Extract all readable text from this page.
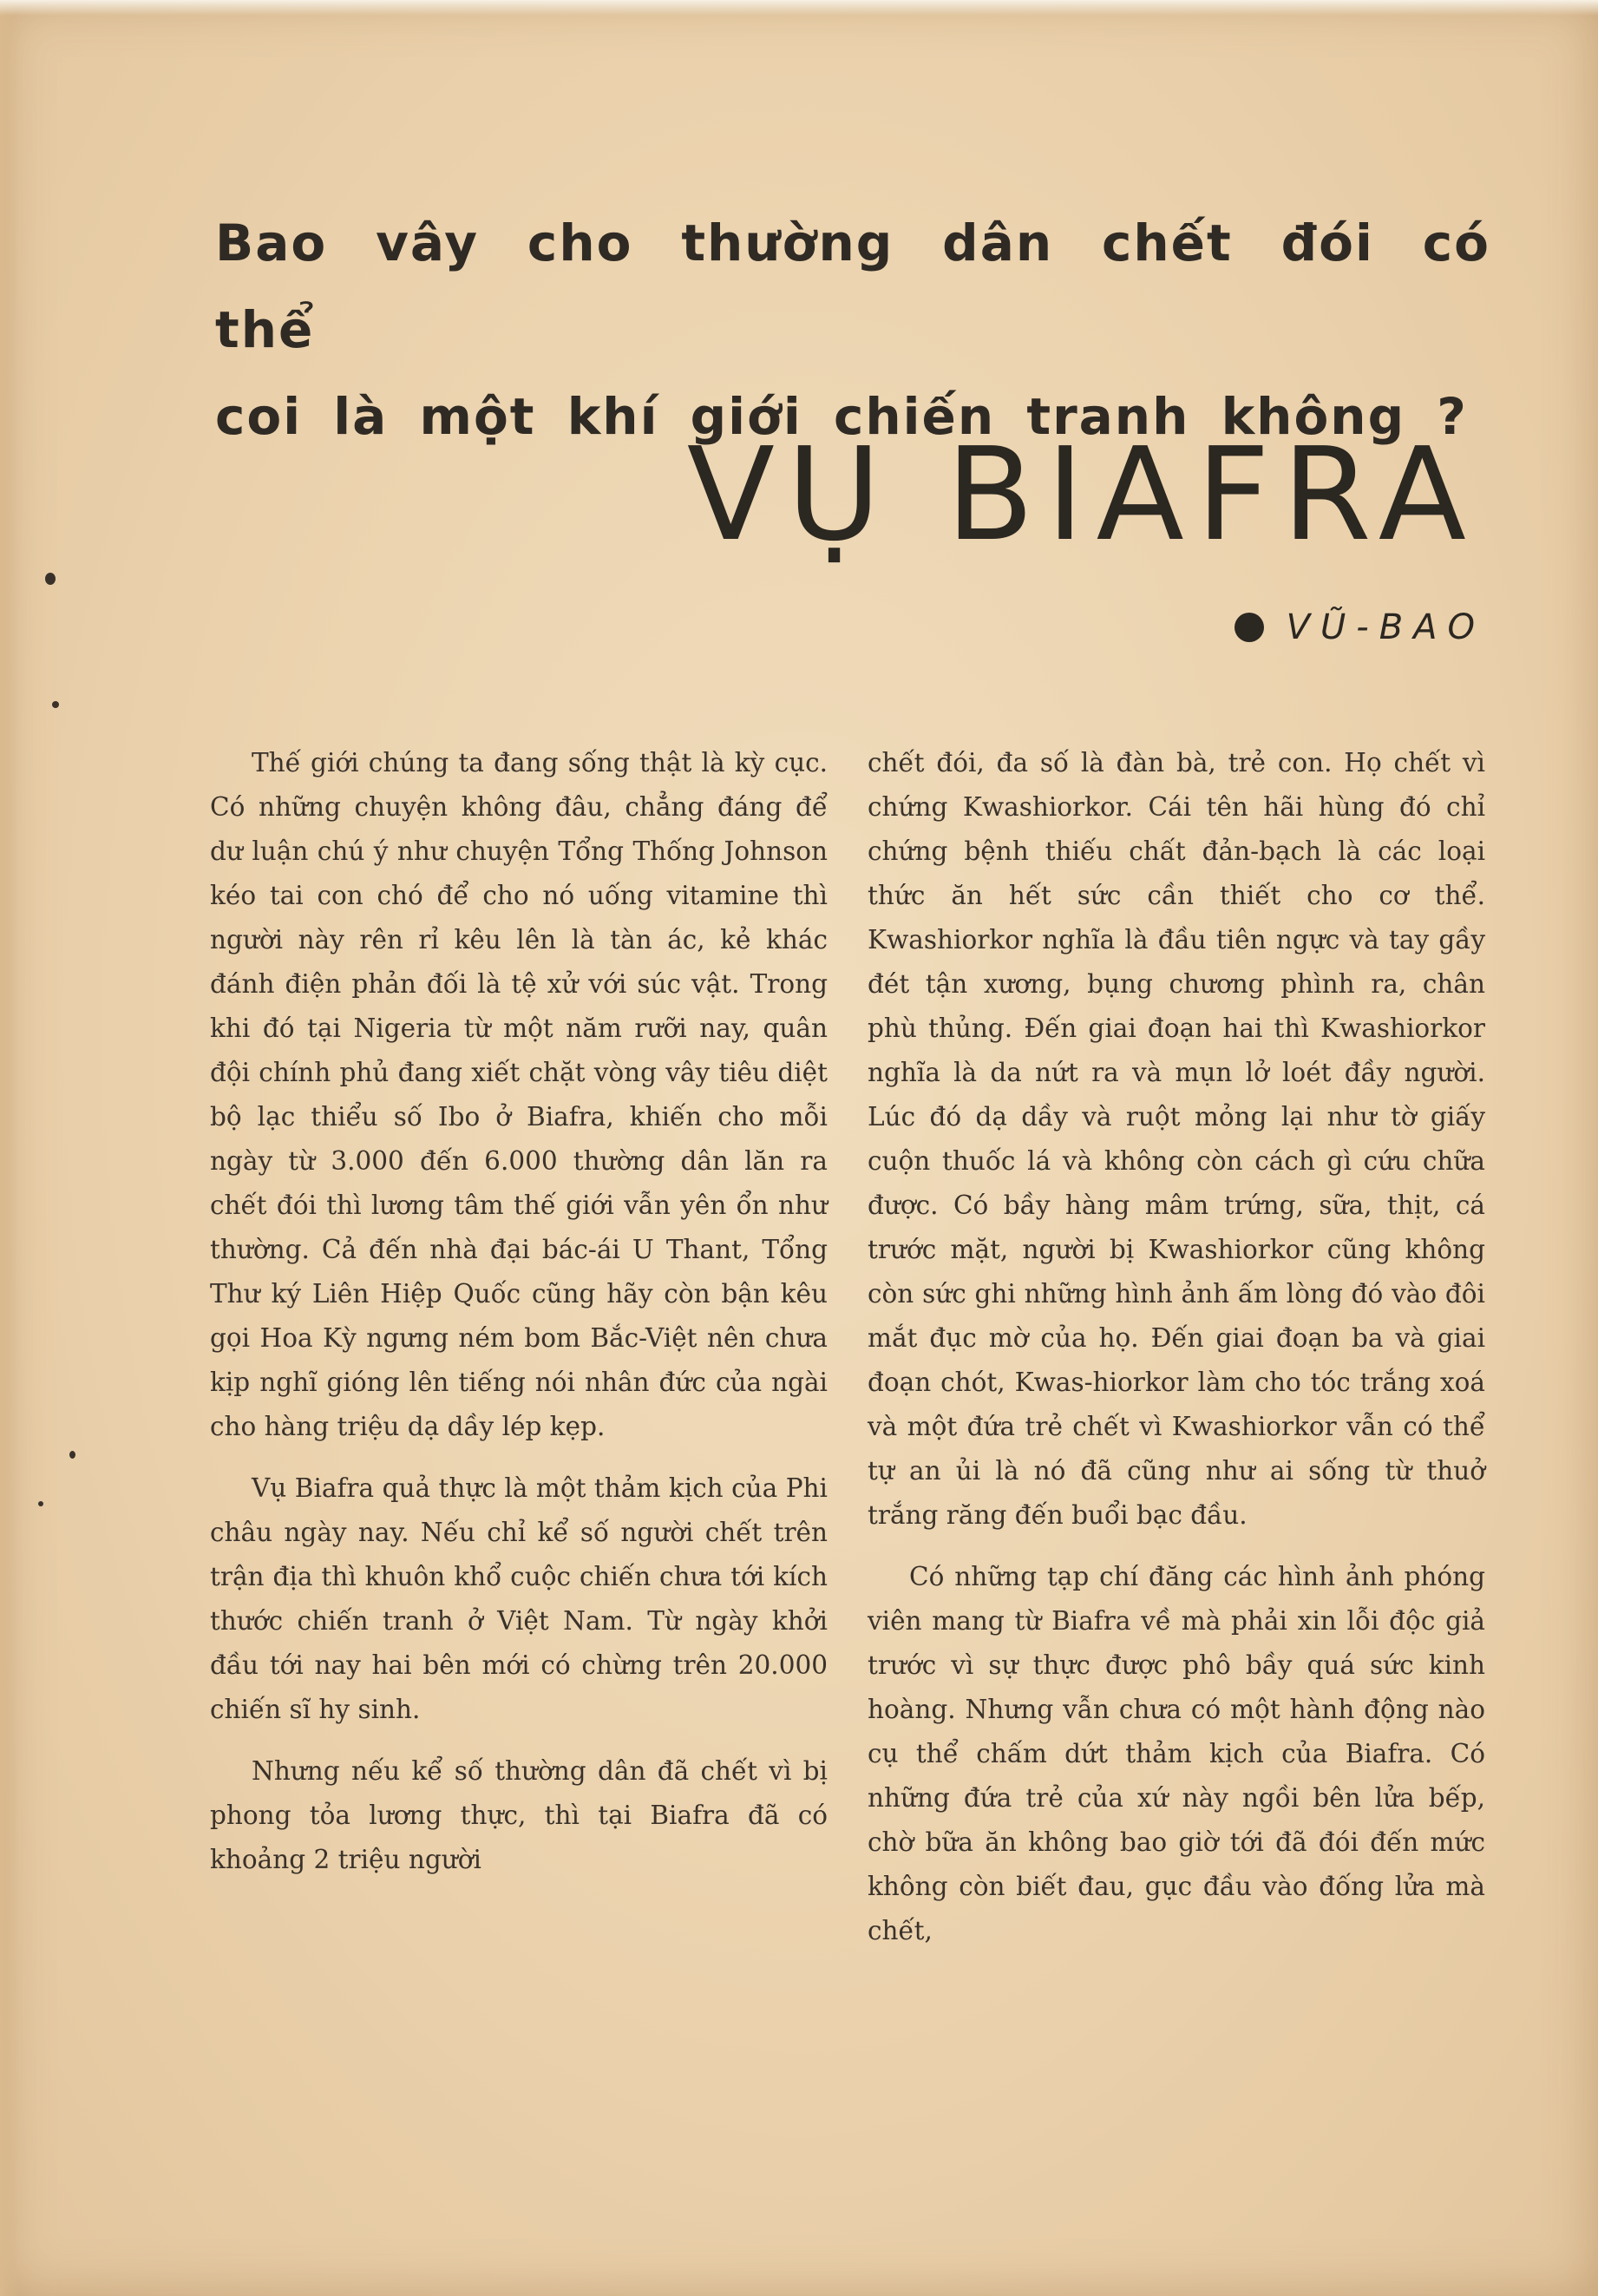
Bao vây cho thường dân chết đói có thể
coi là một khí giới chiến tranh không ?
VỤ BIAFRA
VŨ-BAO

Thế giới chúng ta đang sống thật là kỳ cục. Có những chuyện không đâu, chẳng đáng để dư luận chú ý như chuyện Tổng Thống Johnson kéo tai con chó để cho nó uống vitamine thì người này rên rỉ kêu lên là tàn ác, kẻ khác đánh điện phản đối là tệ xử với súc vật. Trong khi đó tại Nigeria từ một năm rưỡi nay, quân đội chính phủ đang xiết chặt vòng vây tiêu diệt bộ lạc thiểu số Ibo ở Biafra, khiến cho mỗi ngày từ 3.000 đến 6.000 thường dân lăn ra chết đói thì lương tâm thế giới vẫn yên ổn như thường. Cả đến nhà đại bác-ái U Thant, Tổng Thư ký Liên Hiệp Quốc cũng hãy còn bận kêu gọi Hoa Kỳ ngưng ném bom Bắc-Việt nên chưa kịp nghĩ gióng lên tiếng nói nhân đức của ngài cho hàng triệu dạ dầy lép kẹp.

Vụ Biafra quả thực là một thảm kịch của Phi châu ngày nay. Nếu chỉ kể số người chết trên trận địa thì khuôn khổ cuộc chiến chưa tới kích thước chiến tranh ở Việt Nam. Từ ngày khởi đầu tới nay hai bên mới có chừng trên 20.000 chiến sĩ hy sinh.

Nhưng nếu kể số thường dân đã chết vì bị phong tỏa lương thực, thì tại Biafra đã có khoảng 2 triệu người

chết đói, đa số là đàn bà, trẻ con. Họ chết vì chứng Kwashiorkor. Cái tên hãi hùng đó chỉ chứng bệnh thiếu chất đản-bạch là các loại thức ăn hết sức cần thiết cho cơ thể. Kwashiorkor nghĩa là đầu tiên ngực và tay gầy đét tận xương, bụng chương phình ra, chân phù thủng. Đến giai đoạn hai thì Kwashiorkor nghĩa là da nứt ra và mụn lở loét đầy người. Lúc đó dạ dầy và ruột mỏng lại như tờ giấy cuộn thuốc lá và không còn cách gì cứu chữa được. Có bầy hàng mâm trứng, sữa, thịt, cá trước mặt, người bị Kwashiorkor cũng không còn sức ghi những hình ảnh ấm lòng đó vào đôi mắt đục mờ của họ. Đến giai đoạn ba và giai đoạn chót, Kwas-hiorkor làm cho tóc trắng xoá và một đứa trẻ chết vì Kwashiorkor vẫn có thể tự an ủi là nó đã cũng như ai sống từ thuở trắng răng đến buổi bạc đầu.

Có những tạp chí đăng các hình ảnh phóng viên mang từ Biafra về mà phải xin lỗi độc giả trước vì sự thực được phô bầy quá sức kinh hoàng. Nhưng vẫn chưa có một hành động nào cụ thể chấm dứt thảm kịch của Biafra. Có những đứa trẻ của xứ này ngồi bên lửa bếp, chờ bữa ăn không bao giờ tới đã đói đến mức không còn biết đau, gục đầu vào đống lửa mà chết,
